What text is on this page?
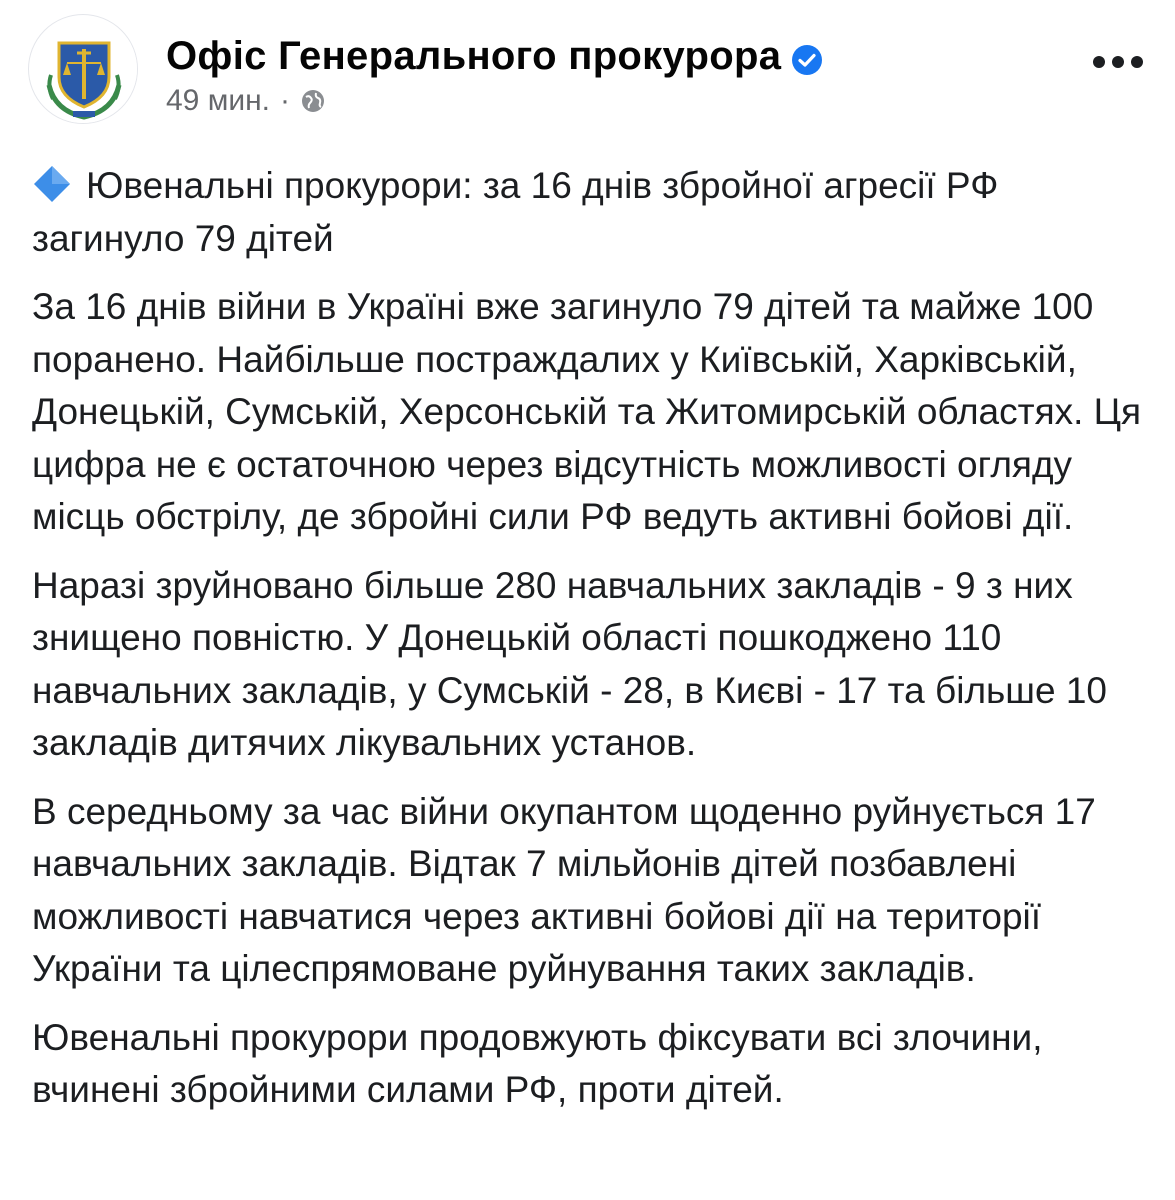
Офіс Генерального прокурора
49 мин. ·

Ювенальні прокурори: за 16 днів збройної агресії РФ загинуло 79 дітей

За 16 днів війни в Україні вже загинуло 79 дітей та майже 100 поранено. Найбільше постраждалих у Київській, Харківській, Донецькій, Сумській, Херсонській та Житомирській областях. Ця цифра не є остаточною через відсутність можливості огляду місць обстрілу, де збройні сили РФ ведуть активні бойові дії.

Наразі зруйновано більше 280 навчальних закладів - 9 з них знищено повністю. У Донецькій області пошкоджено 110 навчальних закладів, у Сумській - 28, в Києві - 17 та більше 10 закладів дитячих лікувальних установ.

В середньому за час війни окупантом щоденно руйнується 17 навчальних закладів. Відтак 7 мільйонів дітей позбавлені можливості навчатися через активні бойові дії на території України та цілеспрямоване руйнування таких закладів.

Ювенальні прокурори продовжують фіксувати всі злочини, вчинені збройними силами РФ, проти дітей.
